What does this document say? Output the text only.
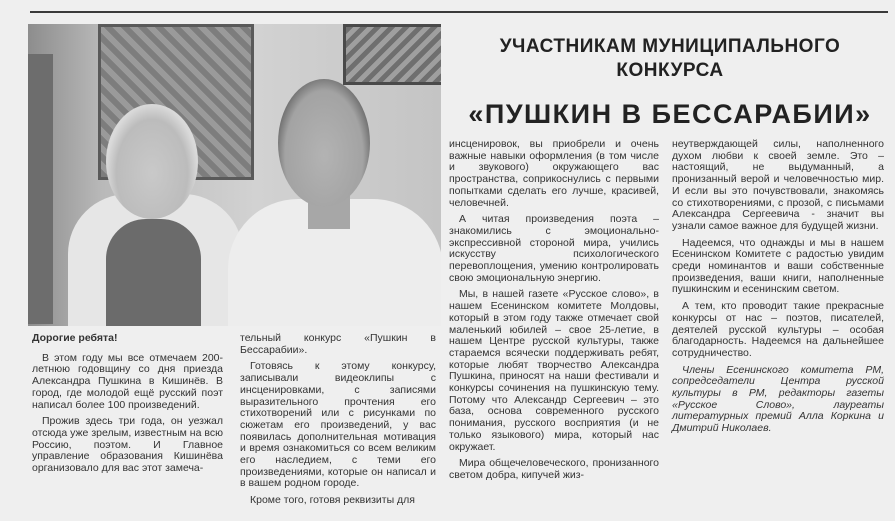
УЧАСТНИКАМ МУНИЦИПАЛЬНОГО
КОНКУРСА
«ПУШКИН В БЕССАРАБИИ»

Дорогие ребята!

В этом году мы все отмечаем 200-летнюю годовщину со дня приезда Александра Пушкина в Кишинёв. В город, где молодой ещё русский поэт написал более 100 произведений.

Прожив здесь три года, он уезжал отсюда уже зрелым, известным на всю Россию, поэтом. И Главное управление образования Кишинёва организовало для вас этот замеча-

тельный конкурс «Пушкин в Бессарабии».

Готовясь к этому конкурсу, записывали видеоклипы с инсценировками, с записями выразительного прочтения его стихотворений или с рисунками по сюжетам его произведений, у вас появилась дополнительная мотивация и время ознакомиться со всем великим его наследием, с теми его произведениями, которые он написал и в вашем родном городе.

Кроме того, готовя реквизиты для

инсценировок, вы приобрели и очень важные навыки оформления (в том числе и звукового) окружающего вас пространства, соприкоснулись с первыми попытками сделать его лучше, красивей, человечней.

А читая произведения поэта – знакомились с эмоционально-экспрессивной стороной мира, учились искусству психологического перевоплощения, умению контролировать свою эмоциональную энергию.

Мы, в нашей газете «Русское слово», в нашем Есенинском комитете Молдовы, который в этом году также отмечает свой маленький юбилей – свое 25-летие, в нашем Центре русской культуры, также стараемся всячески поддерживать ребят, которые любят творчество Александра Пушкина, приносят на наши фестивали и конкурсы сочинения на пушкинскую тему. Потому что Александр Сергеевич – это база, основа современного русского понимания, русского восприятия (и не только языкового) мира, который нас окружает.

Мира общечеловеческого, пронизанного светом добра, кипучей жиз-

неутверждающей силы, наполненного духом любви к своей земле. Это – настоящий, не выдуманный, а пронизанный верой и человечностью мир. И если вы это почувствовали, знакомясь со стихотворениями, с прозой, с письмами Александра Сергеевича - значит вы узнали самое важное для будущей жизни.

Надеемся, что однажды и мы в нашем Есенинском Комитете с радостью увидим среди номинантов и ваши собственные произведения, ваши книги, наполненные пушкинским и есенинским светом.

А тем, кто проводит такие прекрасные конкурсы от нас – поэтов, писателей, деятелей русской культуры – особая благодарность. Надеемся на дальнейшее сотрудничество.

Члены Есенинского комитета РМ, сопредседатели Центра русской культуры в РМ, редакторы газеты «Русское Слово», лауреаты литературных премий Алла Коркина и Дмитрий Николаев.
